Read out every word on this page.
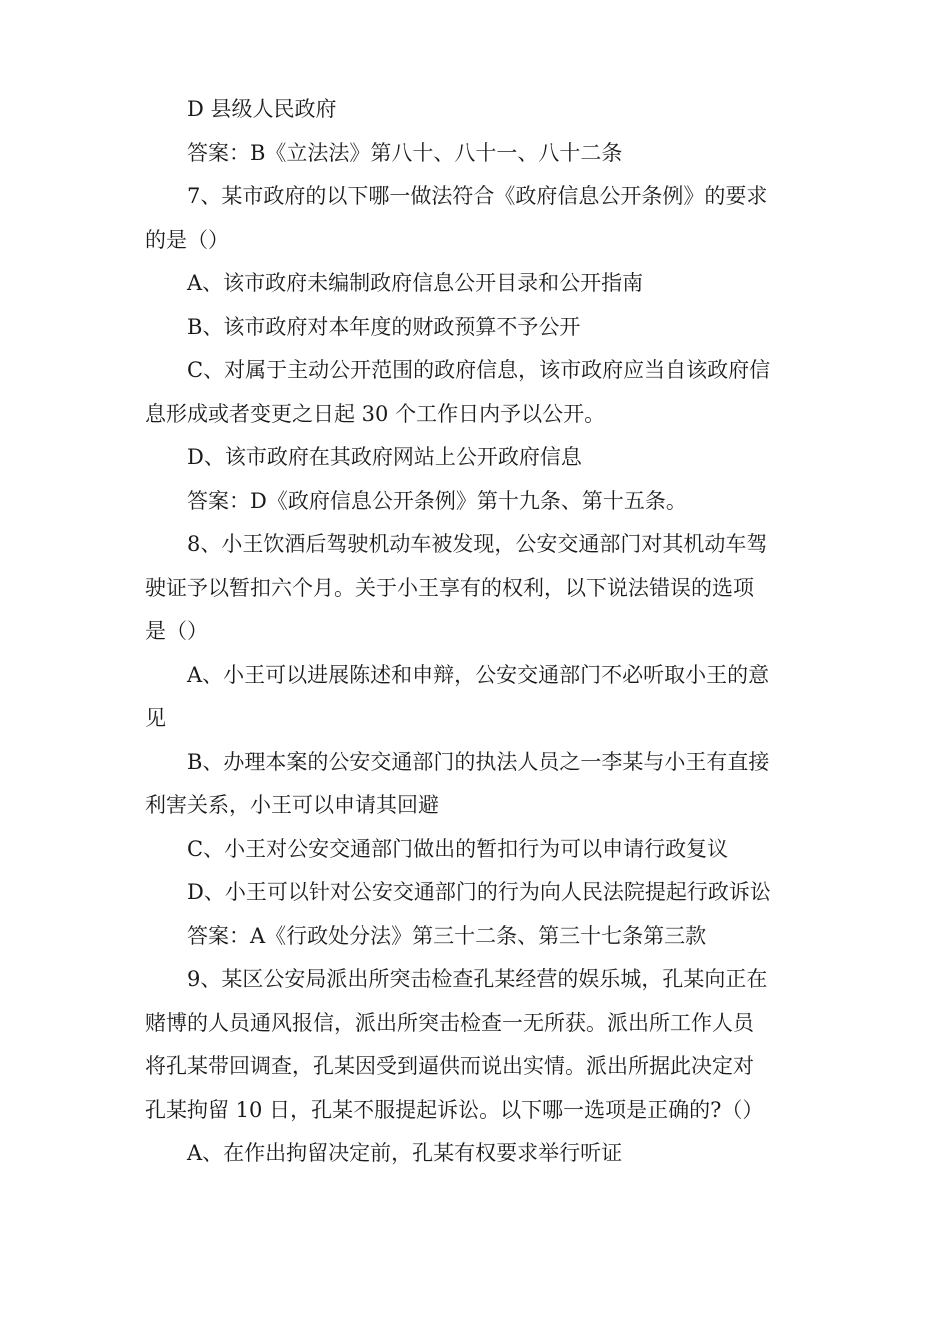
D 县级人民政府

答案：B《立法法》第八十、八十一、八十二条

7、某市政府的以下哪一做法符合《政府信息公开条例》的要求

的是（）

A、该市政府未编制政府信息公开目录和公开指南

B、该市政府对本年度的财政预算不予公开

C、对属于主动公开范围的政府信息，该市政府应当自该政府信

息形成或者变更之日起 30 个工作日内予以公开。

D、该市政府在其政府网站上公开政府信息

答案：D《政府信息公开条例》第十九条、第十五条。

8、小王饮酒后驾驶机动车被发现，公安交通部门对其机动车驾

驶证予以暂扣六个月。关于小王享有的权利，以下说法错误的选项

是（）

A、小王可以进展陈述和申辩，公安交通部门不必听取小王的意

见

B、办理本案的公安交通部门的执法人员之一李某与小王有直接

利害关系，小王可以申请其回避

C、小王对公安交通部门做出的暂扣行为可以申请行政复议

D、小王可以针对公安交通部门的行为向人民法院提起行政诉讼

答案：A《行政处分法》第三十二条、第三十七条第三款

9、某区公安局派出所突击检查孔某经营的娱乐城，孔某向正在

赌博的人员通风报信，派出所突击检查一无所获。派出所工作人员

将孔某带回调查，孔某因受到逼供而说出实情。派出所据此决定对

孔某拘留 10 日，孔某不服提起诉讼。以下哪一选项是正确的?（）

A、在作出拘留决定前，孔某有权要求举行听证
